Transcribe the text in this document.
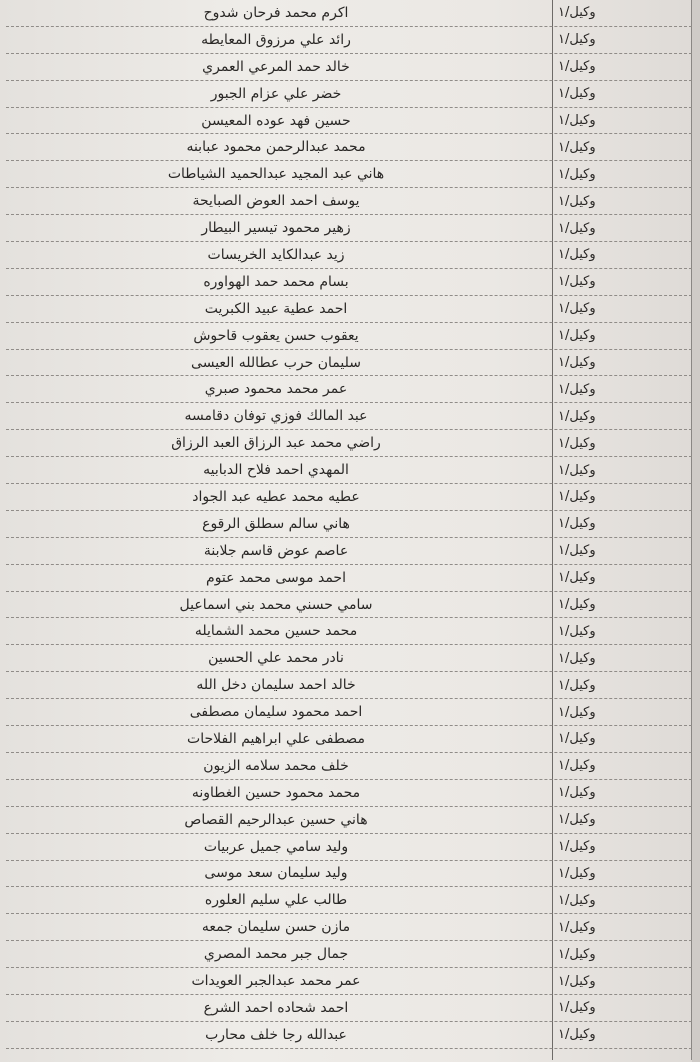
اكرم محمد فرحان شدوح	وكيل/١
رائد علي مرزوق المعايطه	وكيل/١
خالد حمد المرعي العمري	وكيل/١
خضر علي عزام الجبور	وكيل/١
حسين فهد عوده المعيسن	وكيل/١
محمد عبدالرحمن محمود عبابنه	وكيل/١
هاني عبد المجيد عبدالحميد الشياطات	وكيل/١
يوسف احمد العوض الصبايحة	وكيل/١
زهير محمود تيسير البيطار	وكيل/١
زيد عبدالكايد الخريسات	وكيل/١
بسام محمد حمد الهواوره	وكيل/١
احمد عطية عبيد الكبريت	وكيل/١
يعقوب حسن يعقوب قاحوش	وكيل/١
سليمان حرب عطالله العيسى	وكيل/١
عمر محمد محمود صبري	وكيل/١
عبد المالك فوزي توفان دقامسه	وكيل/١
راضي محمد عبد الرزاق العبد الرزاق	وكيل/١
المهدي احمد فلاح الدبابيه	وكيل/١
عطيه محمد عطيه عبد الجواد	وكيل/١
هاني سالم سطلق الرقوع	وكيل/١
عاصم عوض قاسم جلابنة	وكيل/١
احمد موسى محمد عتوم	وكيل/١
سامي حسني محمد بني اسماعيل	وكيل/١
محمد حسين محمد الشمايله	وكيل/١
نادر محمد علي الحسين	وكيل/١
خالد احمد سليمان دخل الله	وكيل/١
احمد محمود سليمان مصطفى	وكيل/١
مصطفى علي ابراهيم الفلاحات	وكيل/١
خلف محمد سلامه الزيون	وكيل/١
محمد محمود حسين الغطاونه	وكيل/١
هاني حسين عبدالرحيم القصاص	وكيل/١
وليد سامي جميل عربيات	وكيل/١
وليد سليمان سعد موسى	وكيل/١
طالب علي سليم العلوره	وكيل/١
مازن حسن سليمان جمعه	وكيل/١
جمال جبر محمد المصري	وكيل/١
عمر محمد عبدالجبر العويدات	وكيل/١
احمد شحاده احمد الشرع	وكيل/١
عبدالله رجا خلف محارب	وكيل/١
